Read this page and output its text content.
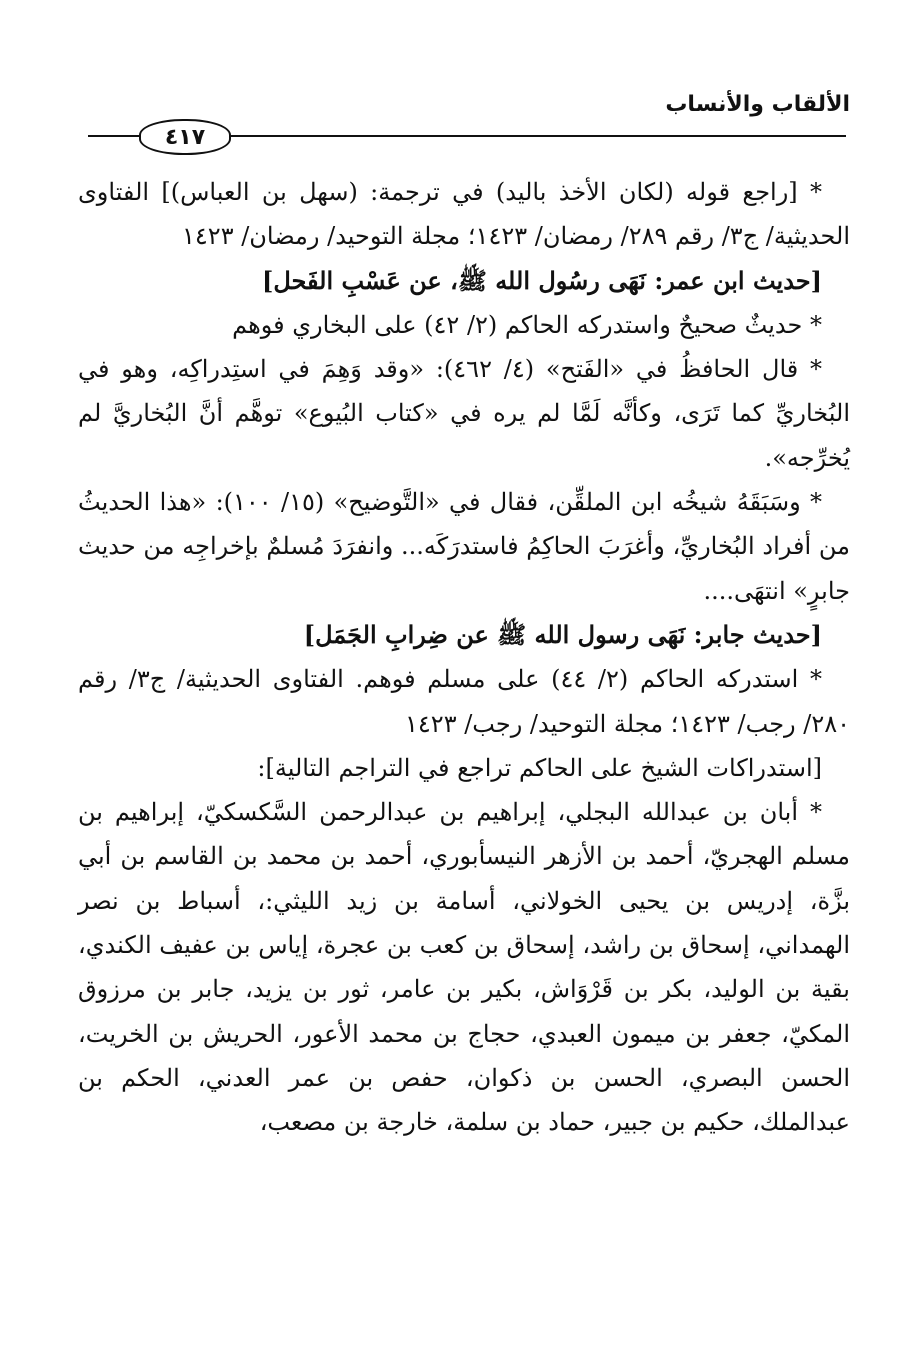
الألقاب والأنساب
٤١٧

* [راجع قوله (لكان الأخذ باليد) في ترجمة: (سهل بن العباس)] الفتاوى الحديثية/ ج٣/ رقم ٢٨٩/ رمضان/ ١٤٢٣؛ مجلة التوحيد/ رمضان/ ١٤٢٣

[حديث ابن عمر: نَهَى رسُول الله ﷺ، عن عَسْبِ الفَحل]

* حديثٌ صحيحٌ واستدركه الحاكم (٢/ ٤٢) على البخاري فوهم

* قال الحافظُ في «الفَتح» (٤/ ٤٦٢): «وقد وَهِمَ في استِدراكِه، وهو في البُخاريِّ كما تَرَى، وكأنَّه لَمَّا لم يره في «كتاب البُيوع» توهَّم أنَّ البُخاريَّ لم يُخرِّجه».

* وسَبَقَهُ شيخُه ابن الملقِّن، فقال في «التَّوضيح» (١٥/ ١٠٠): «هذا الحديثُ من أفراد البُخاريِّ، وأغرَبَ الحاكِمُ فاستدرَكَه... وانفرَدَ مُسلمٌ بإخراجِه من حديث جابرٍ» انتهَى....

[حديث جابر: نَهَى رسول الله ﷺ عن ضِرابِ الجَمَل]

* استدركه الحاكم (٢/ ٤٤) على مسلم فوهم. الفتاوى الحديثية/ ج٣/ رقم ٢٨٠/ رجب/ ١٤٢٣؛ مجلة التوحيد/ رجب/ ١٤٢٣

[استدراكات الشيخ على الحاكم تراجع في التراجم التالية]:

* أبان بن عبدالله البجلي، إبراهيم بن عبدالرحمن السَّكسكيّ، إبراهيم بن مسلم الهجريّ، أحمد بن الأزهر النيسأبوري، أحمد بن محمد بن القاسم بن أبي بزَّة، إدريس بن يحيى الخولاني، أسامة بن زيد الليثي:، أسباط بن نصر الهمداني، إسحاق بن راشد، إسحاق بن كعب بن عجرة، إياس بن عفيف الكندي، بقية بن الوليد، بكر بن قَرْوَاش، بكير بن عامر، ثور بن يزيد، جابر بن مرزوق المكيّ، جعفر بن ميمون العبدي، حجاج بن محمد الأعور، الحريش بن الخريت، الحسن البصري، الحسن بن ذكوان، حفص بن عمر العدني، الحكم بن عبدالملك، حكيم بن جبير، حماد بن سلمة، خارجة بن مصعب،
